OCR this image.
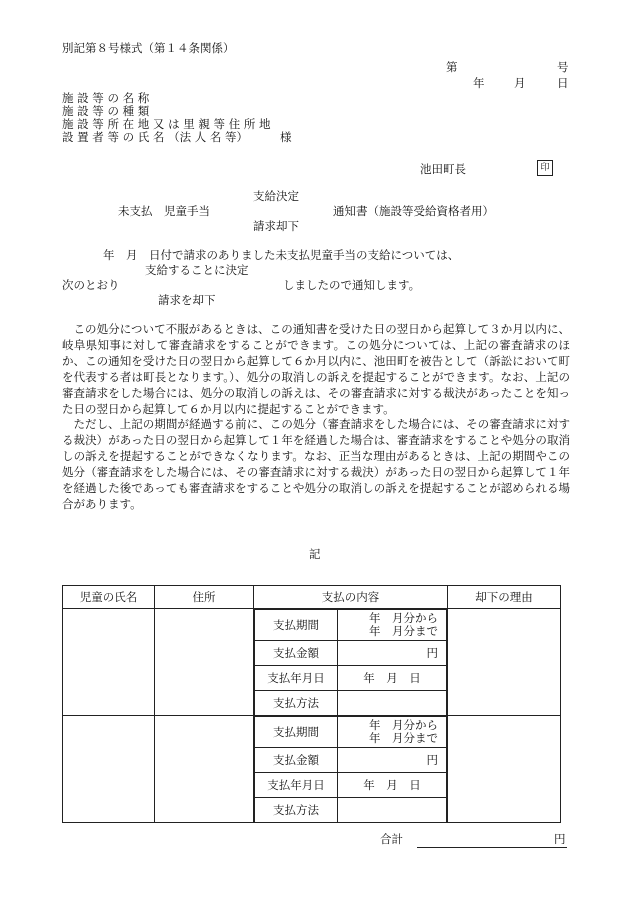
別記第８号様式（第１４条関係）
第	号
年	月	日
施 設 等 の 名 称
施 設 等 の 種 類
施 設 等 所 在 地 又 は 里 親 等 住 所 地
設 置 者 等 の 氏 名 （法 人 名 等）	様
池田町長	印
支給決定
未支払　児童手当	通知書（施設等受給資格者用）
請求却下
年　月　日付で請求のありました未支払児童手当の支給については、
支給することに決定
次のとおり	しましたので通知します。
請求を却下

この処分について不服があるときは、この通知書を受けた日の翌日から起算して３か月以内に、岐阜県知事に対して審査請求をすることができます。この処分については、上記の審査請求のほか、この通知を受けた日の翌日から起算して６か月以内に、池田町を被告として（訴訟において町を代表する者は町長となります。）、処分の取消しの訴えを提起することができます。なお、上記の審査請求をした場合には、処分の取消しの訴えは、その審査請求に対する裁決があったことを知った日の翌日から起算して６か月以内に提起することができます。

ただし、上記の期間が経過する前に、この処分（審査請求をした場合には、その審査請求に対する裁決）があった日の翌日から起算して１年を経過した場合は、審査請求をすることや処分の取消しの訴えを提起することができなくなります。なお、正当な理由があるときは、上記の期間やこの処分（審査請求をした場合には、その審査請求に対する裁決）があった日の翌日から起算して１年を経過した後であっても審査請求をすることや処分の取消しの訴えを提起することが認められる場合があります。

記
児童の氏名	住所	支払の内容	却下の理由

支払期間	年　月分から
年　月分まで
支払金額	円
支払年月日	年　月　日
支払方法	

支払期間	年　月分から
年　月分まで
支払金額	円
支払年月日	年　月　日
支払方法	

合計	円
